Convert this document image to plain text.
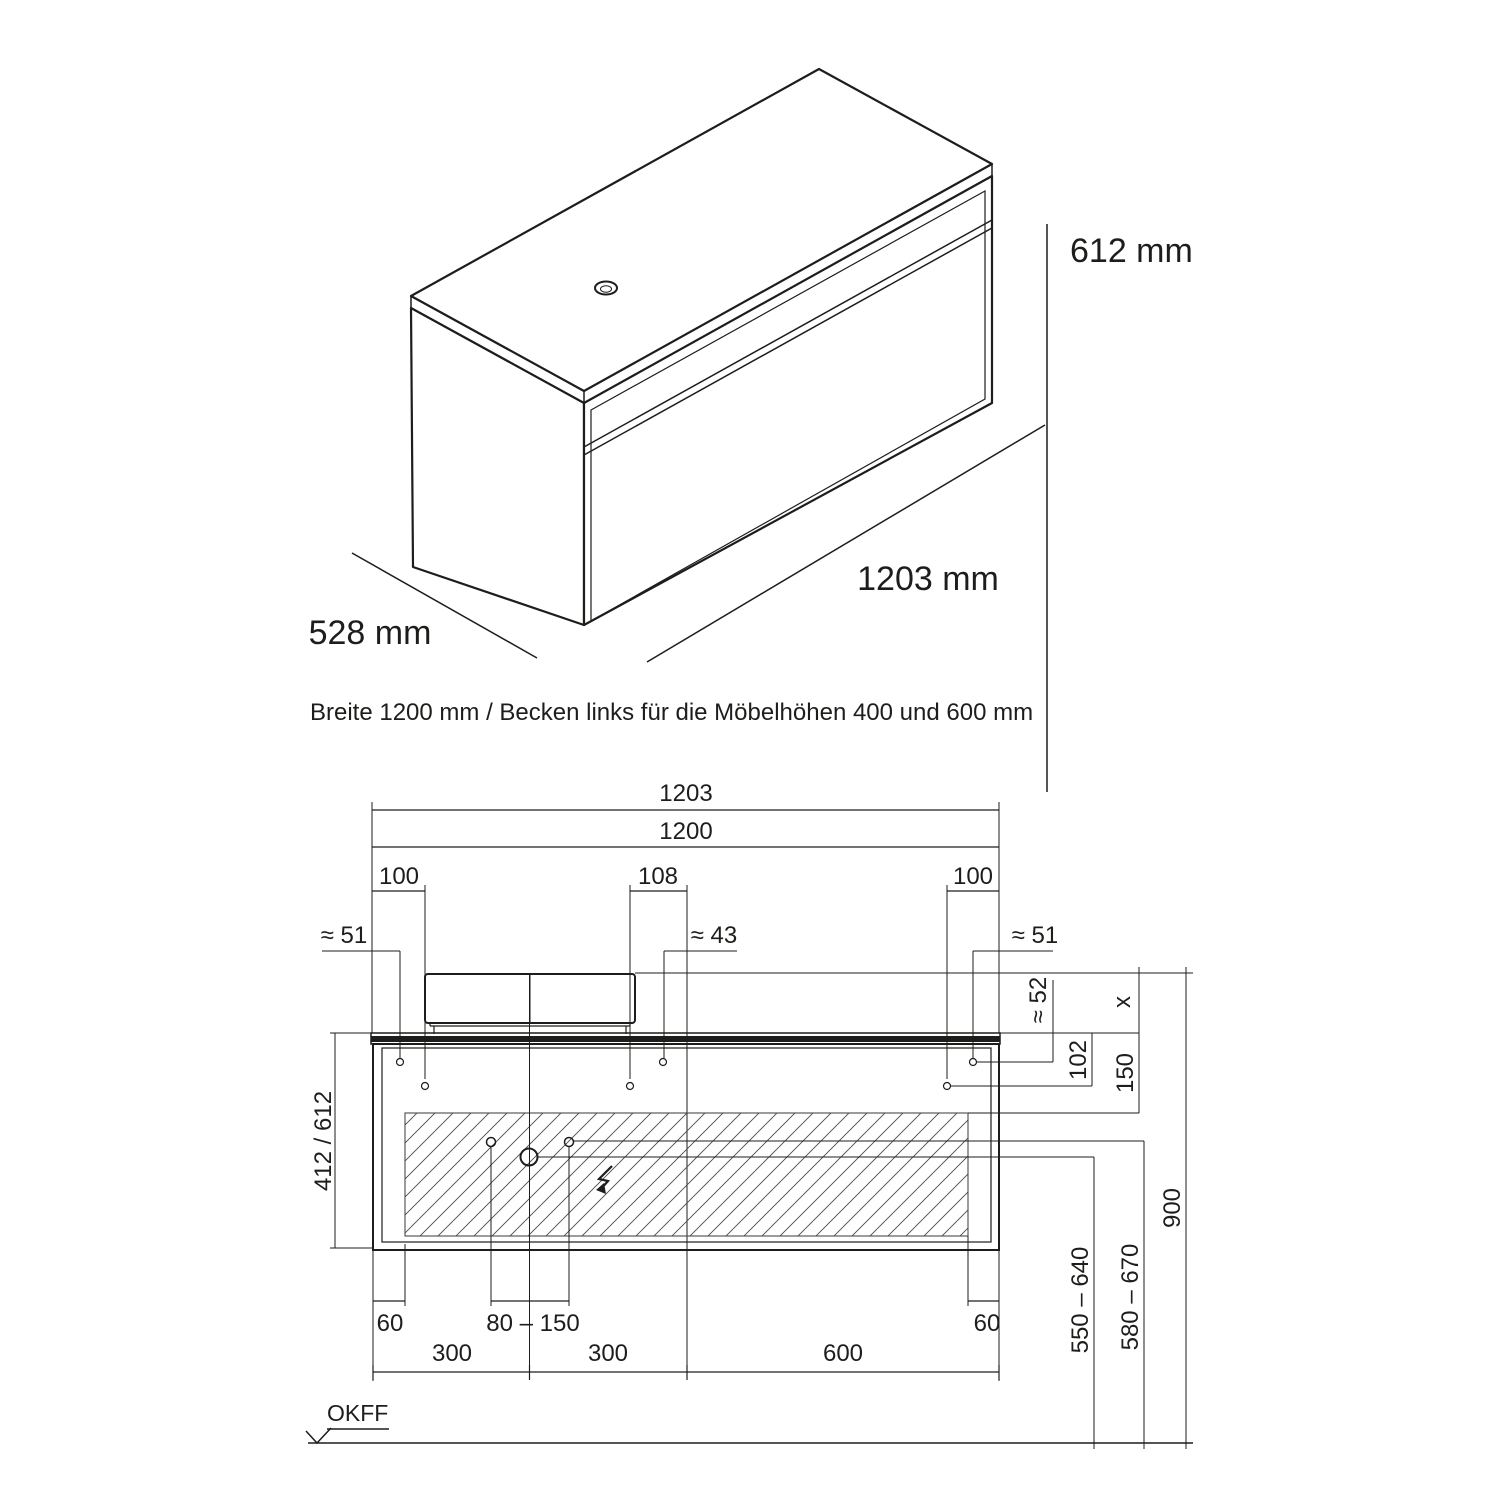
612 mm
1203 mm
528 mm
Breite 1200 mm / Becken links für die Möbelhöhen 400 und 600 mm
1203
1200
100	108	100
≈ 51	≈ 43	≈ 51
≈ 52 x
102 150
900
550 – 640 580 – 670
412 / 612
60	80 – 150	60
300	300	600
OKFF
